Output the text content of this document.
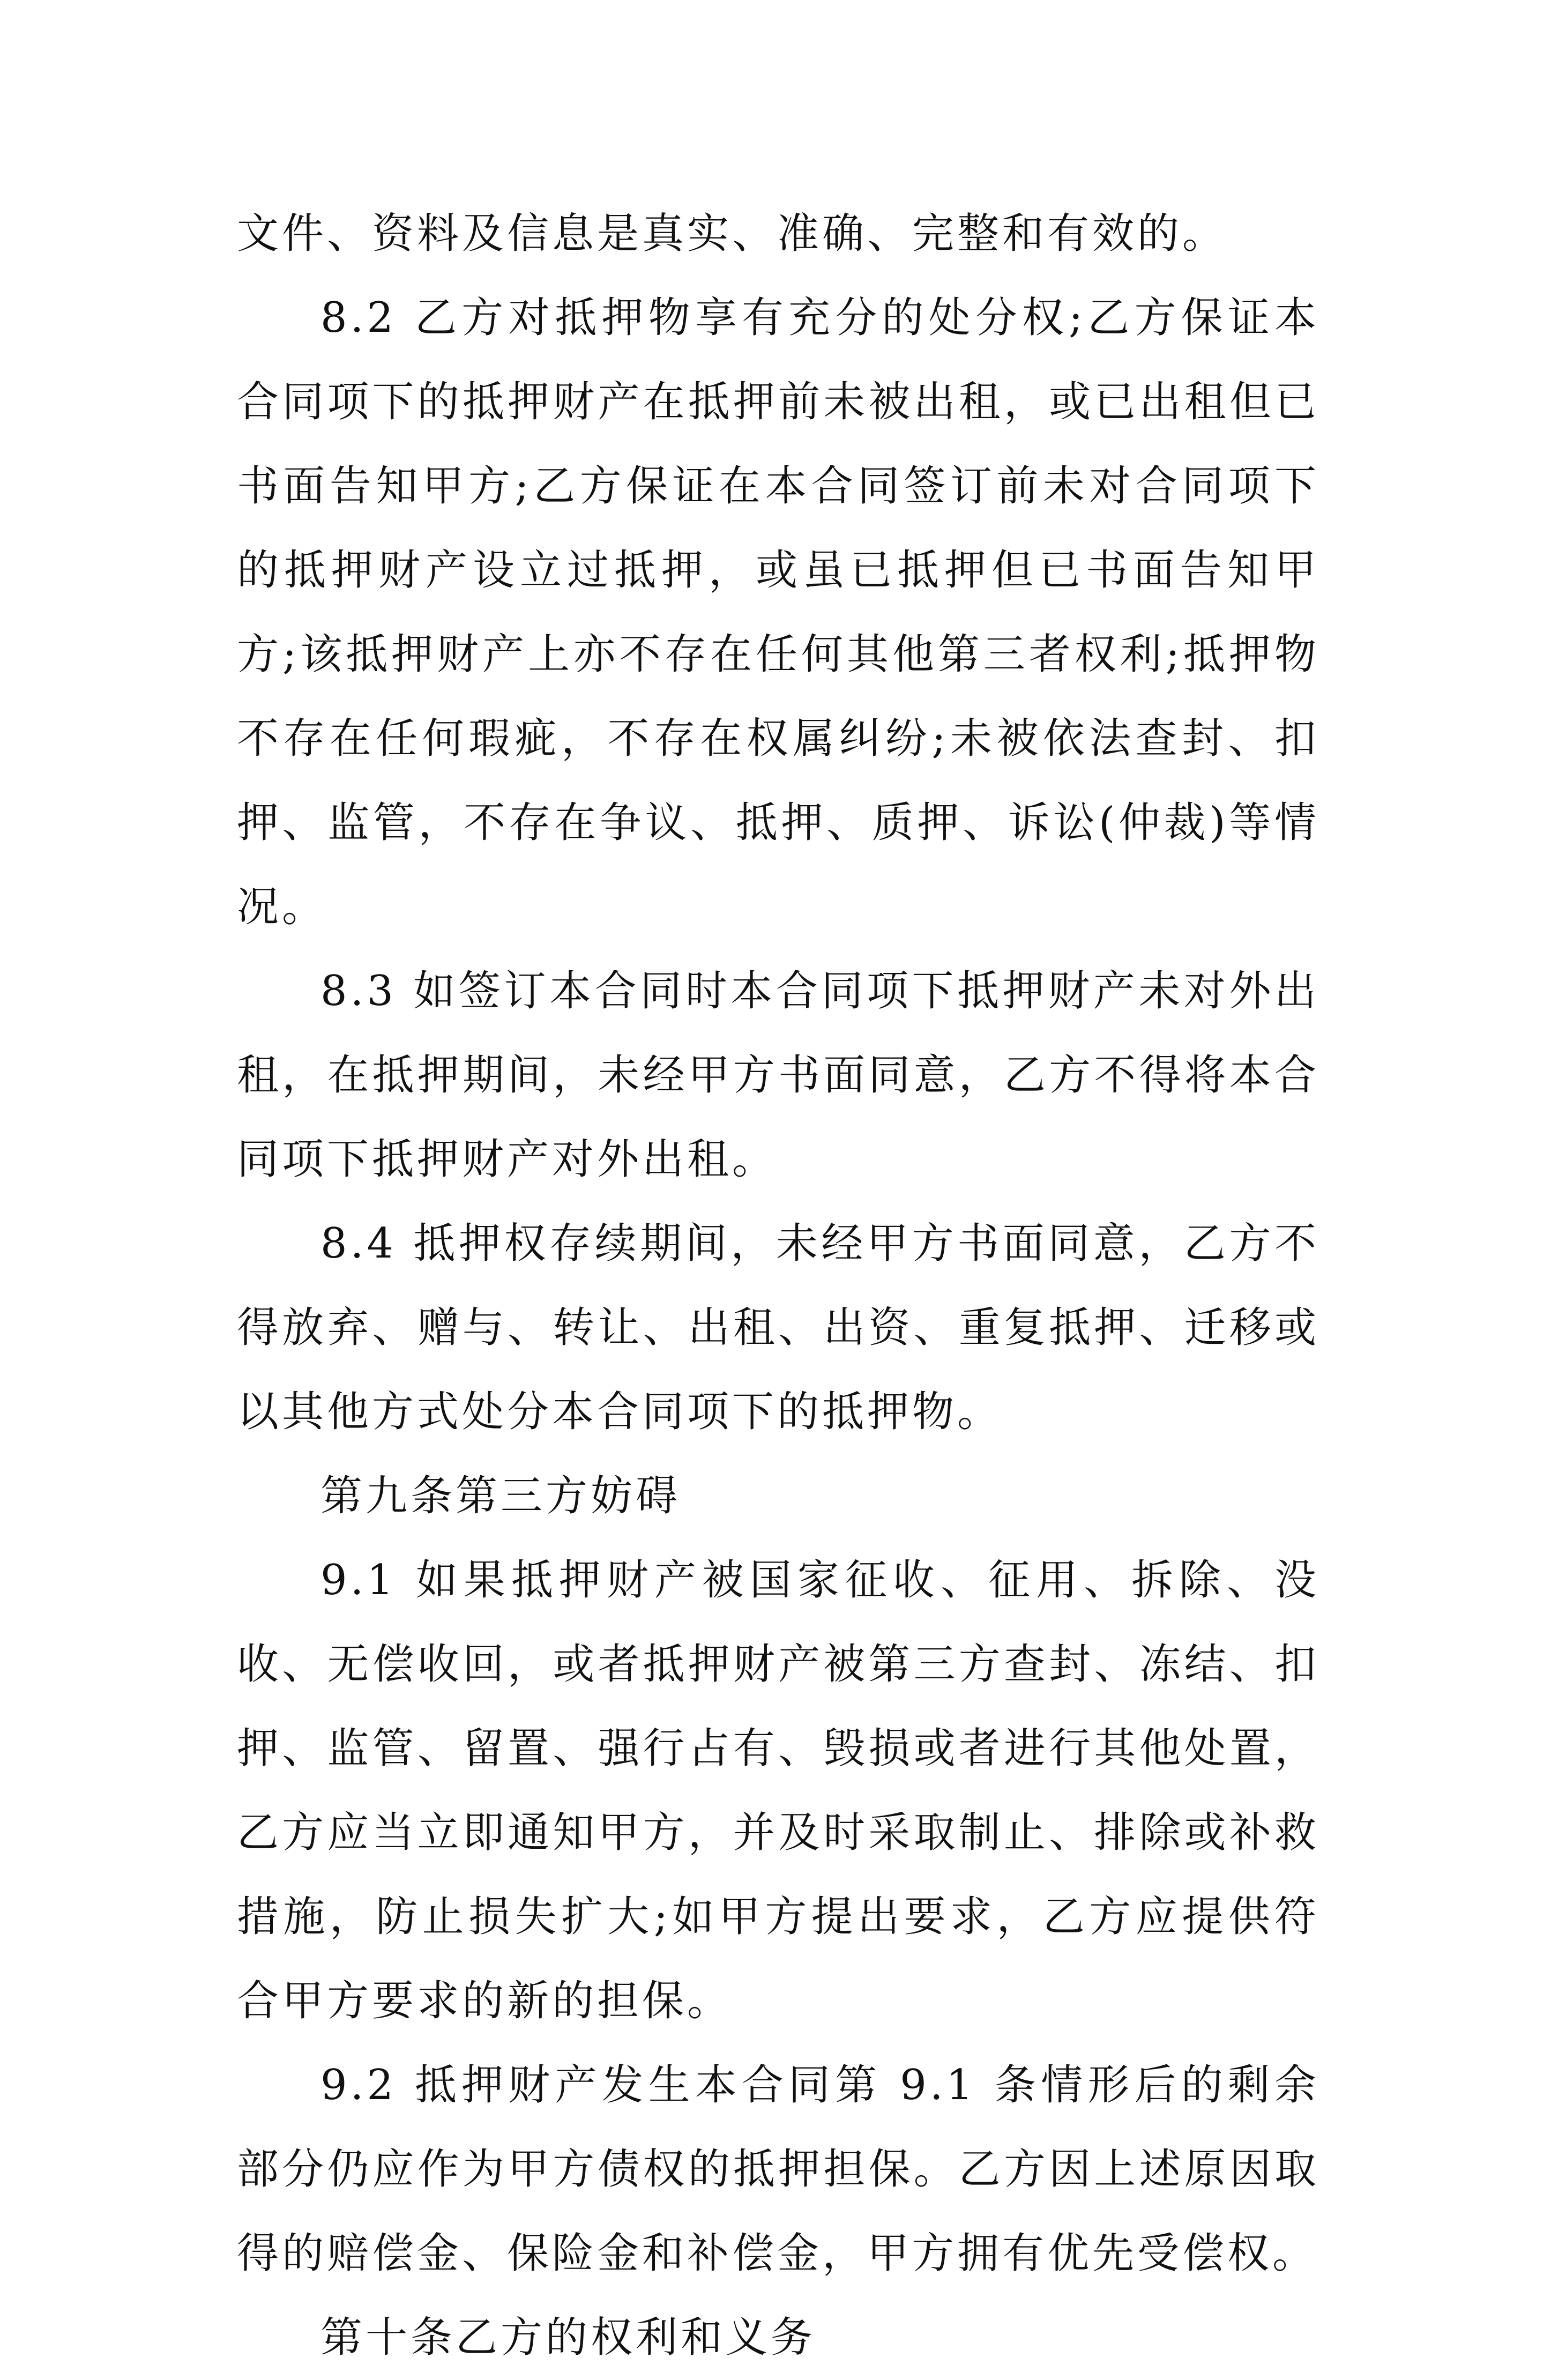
文件、资料及信息是真实、准确、完整和有效的。

8.2 乙方对抵押物享有充分的处分权;乙方保证本合同项下的抵押财产在抵押前未被出租，或已出租但已书面告知甲方;乙方保证在本合同签订前未对合同项下的抵押财产设立过抵押，或虽已抵押但已书面告知甲方;该抵押财产上亦不存在任何其他第三者权利;抵押物不存在任何瑕疵，不存在权属纠纷;未被依法查封、扣押、监管，不存在争议、抵押、质押、诉讼(仲裁)等情况。

8.3 如签订本合同时本合同项下抵押财产未对外出租，在抵押期间，未经甲方书面同意，乙方不得将本合同项下抵押财产对外出租。

8.4 抵押权存续期间，未经甲方书面同意，乙方不得放弃、赠与、转让、出租、出资、重复抵押、迁移或以其他方式处分本合同项下的抵押物。

第九条第三方妨碍

9.1 如果抵押财产被国家征收、征用、拆除、没收、无偿收回，或者抵押财产被第三方查封、冻结、扣押、监管、留置、强行占有、毁损或者进行其他处置，乙方应当立即通知甲方，并及时采取制止、排除或补救措施，防止损失扩大;如甲方提出要求，乙方应提供符合甲方要求的新的担保。

9.2 抵押财产发生本合同第 9.1 条情形后的剩余部分仍应作为甲方债权的抵押担保。乙方因上述原因取得的赔偿金、保险金和补偿金，甲方拥有优先受偿权。

第十条乙方的权利和义务
